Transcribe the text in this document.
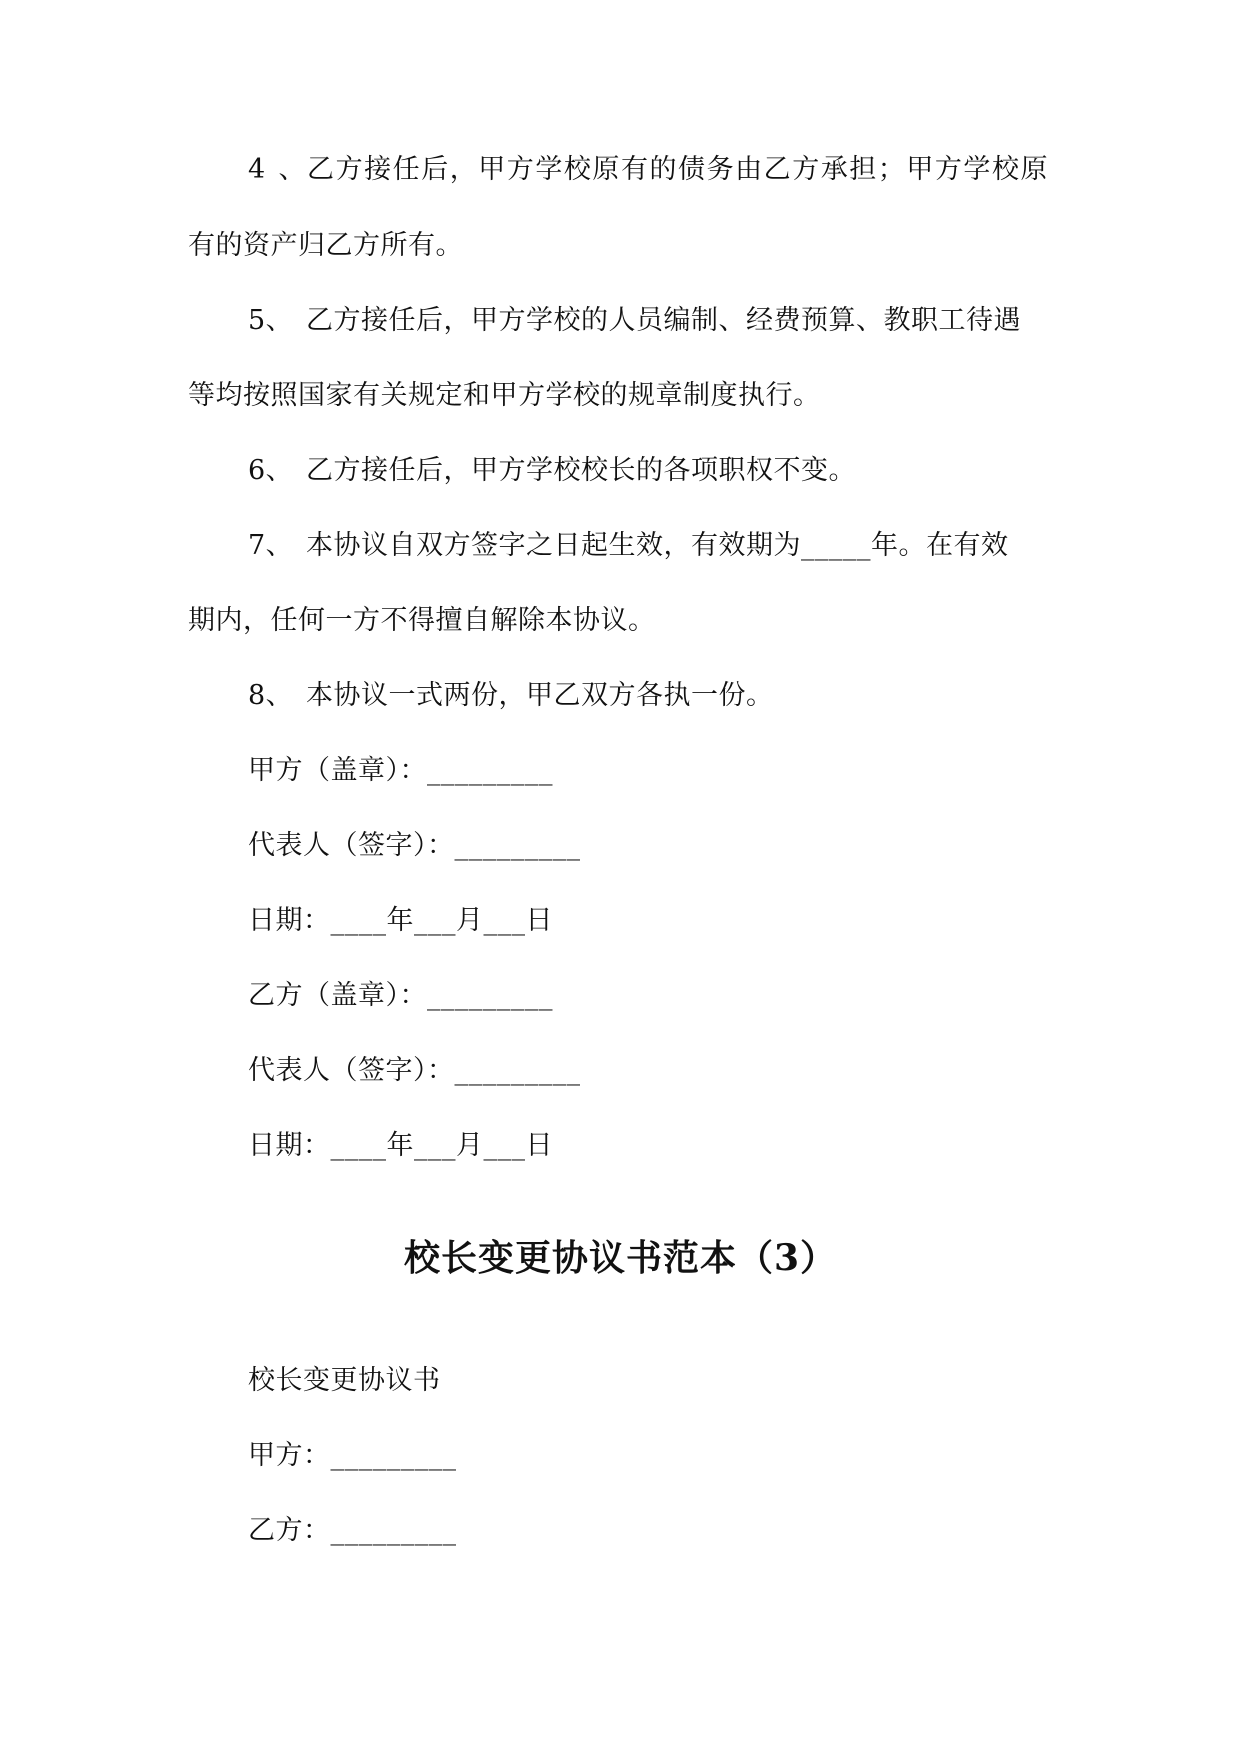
4、乙方接任后，甲方学校原有的债务由乙方承担；甲方学校原
有的资产归乙方所有。
5、 乙方接任后，甲方学校的人员编制、经费预算、教职工待遇
等均按照国家有关规定和甲方学校的规章制度执行。
6、 乙方接任后，甲方学校校长的各项职权不变。
7、 本协议自双方签字之日起生效，有效期为_____年。在有效
期内，任何一方不得擅自解除本协议。
8、 本协议一式两份，甲乙双方各执一份。
甲方（盖章）：_________
代表人（签字）：_________
日期：____年___月___日
乙方（盖章）：_________
代表人（签字）：_________
日期：____年___月___日
校长变更协议书范本（3）
校长变更协议书
甲方：_________
乙方：_________
